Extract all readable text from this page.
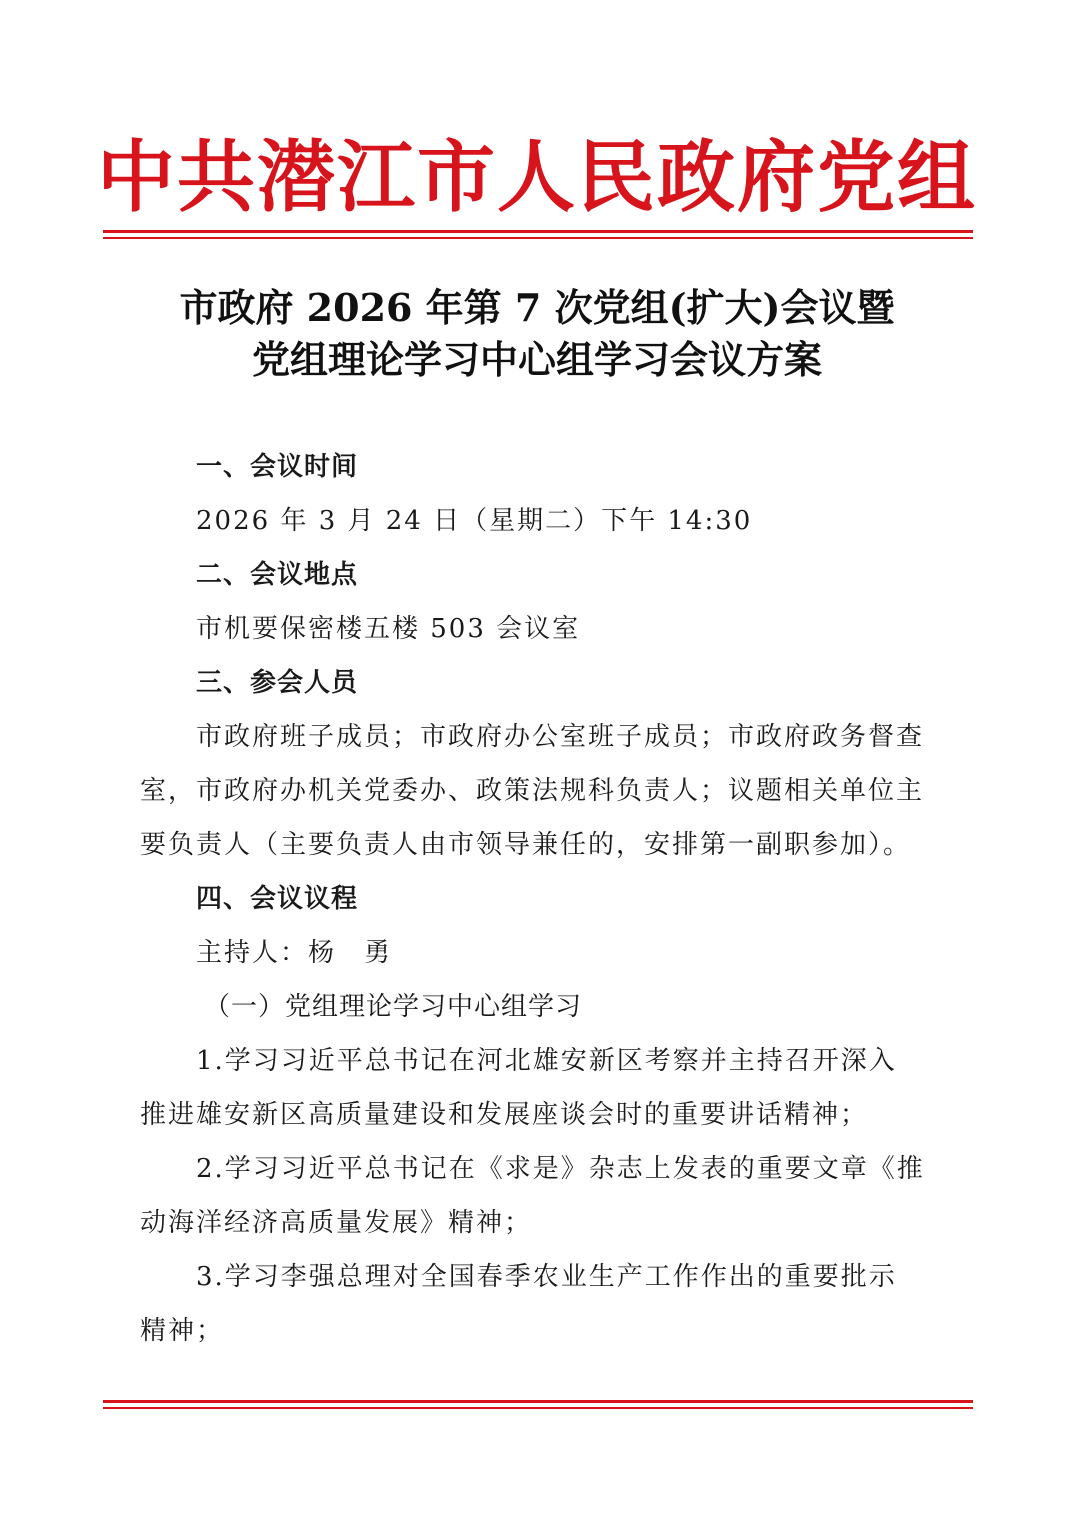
中共潜江市人民政府党组
市政府 2026 年第 7 次党组(扩大)会议暨
党组理论学习中心组学习会议方案
一、会议时间
2026 年 3 月 24 日（星期二）下午 14:30
二、会议地点
市机要保密楼五楼 503 会议室
三、参会人员
市政府班子成员；市政府办公室班子成员；市政府政务督查
室，市政府办机关党委办、政策法规科负责人；议题相关单位主
要负责人（主要负责人由市领导兼任的，安排第一副职参加）。
四、会议议程
主持人：杨　勇
（一）党组理论学习中心组学习
1.学习习近平总书记在河北雄安新区考察并主持召开深入
推进雄安新区高质量建设和发展座谈会时的重要讲话精神；
2.学习习近平总书记在《求是》杂志上发表的重要文章《推
动海洋经济高质量发展》精神；
3.学习李强总理对全国春季农业生产工作作出的重要批示
精神；
